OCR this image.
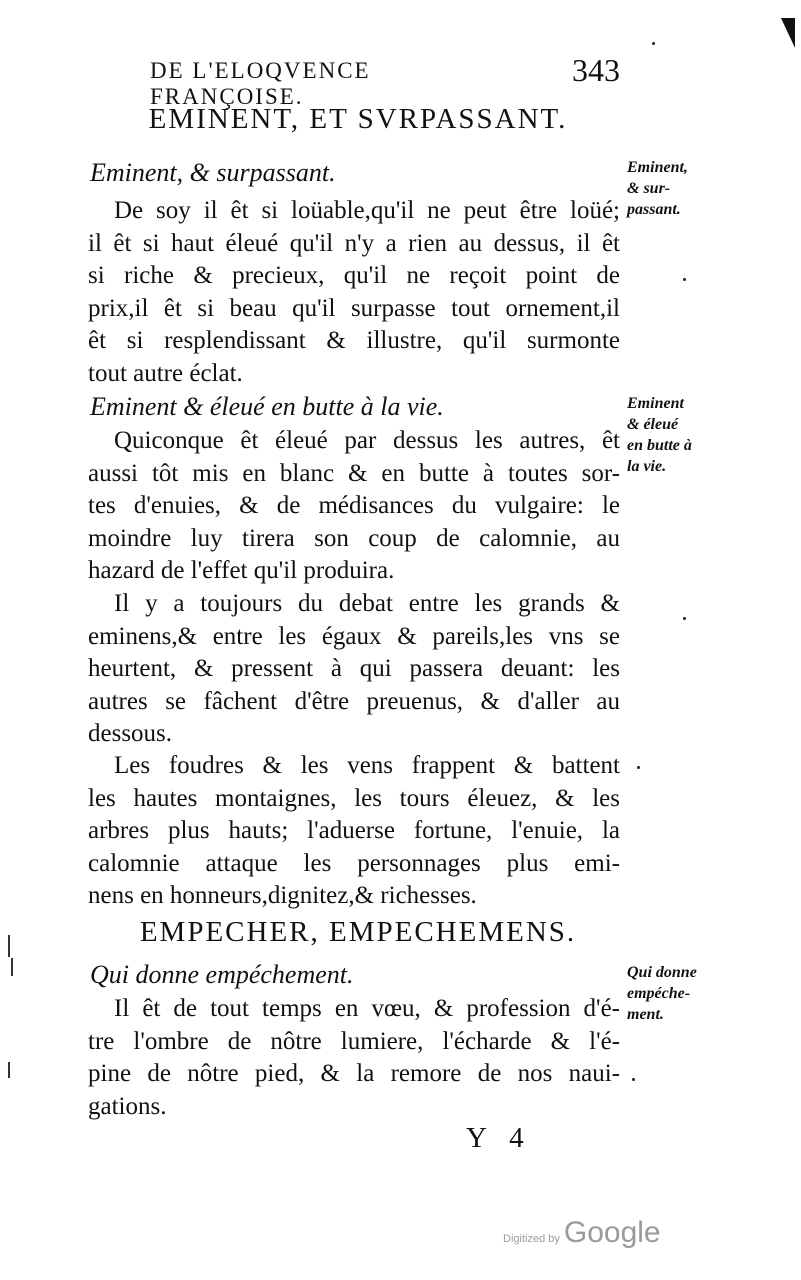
DE L'ELOQVENCE FRANÇOISE.
343
EMINENT, ET SVRPASSANT.
Eminent, & surpassant.	Eminent,
& sur-
passant.
De soy il êt si loüable,qu'il ne peut être loüé;
il êt si haut éleué qu'il n'y a rien au dessus, il êt
si riche & precieux, qu'il ne reçoit point de
prix,il êt si beau qu'il surpasse tout ornement,il
êt si resplendissant & illustre, qu'il surmonte
tout autre éclat.
Eminent & éleué en butte à la vie.	Eminent
& éleué
en butte à
la vie.
Quiconque êt éleué par dessus les autres, êt
aussi tôt mis en blanc & en butte à toutes sor-
tes d'enuies, & de médisances du vulgaire: le
moindre luy tirera son coup de calomnie, au
hazard de l'effet qu'il produira.
Il y a toujours du debat entre les grands &
eminens,& entre les égaux & pareils,les vns se
heurtent, & pressent à qui passera deuant: les
autres se fâchent d'être preuenus, & d'aller au
dessous.
Les foudres & les vens frappent & battent
les hautes montaignes, les tours éleuez, & les
arbres plus hauts; l'aduerse fortune, l'enuie, la
calomnie attaque les personnages plus emi-
nens en honneurs,dignitez,& richesses.
EMPECHER, EMPECHEMENS.
Qui donne empéchement.	Qui donne
empéche-
ment.
Il êt de tout temps en vœu, & profession d'é-
tre l'ombre de nôtre lumiere, l'écharde & l'é-
pine de nôtre pied, & la remore de nos naui-
gations.
Y 4
Digitized by Google
